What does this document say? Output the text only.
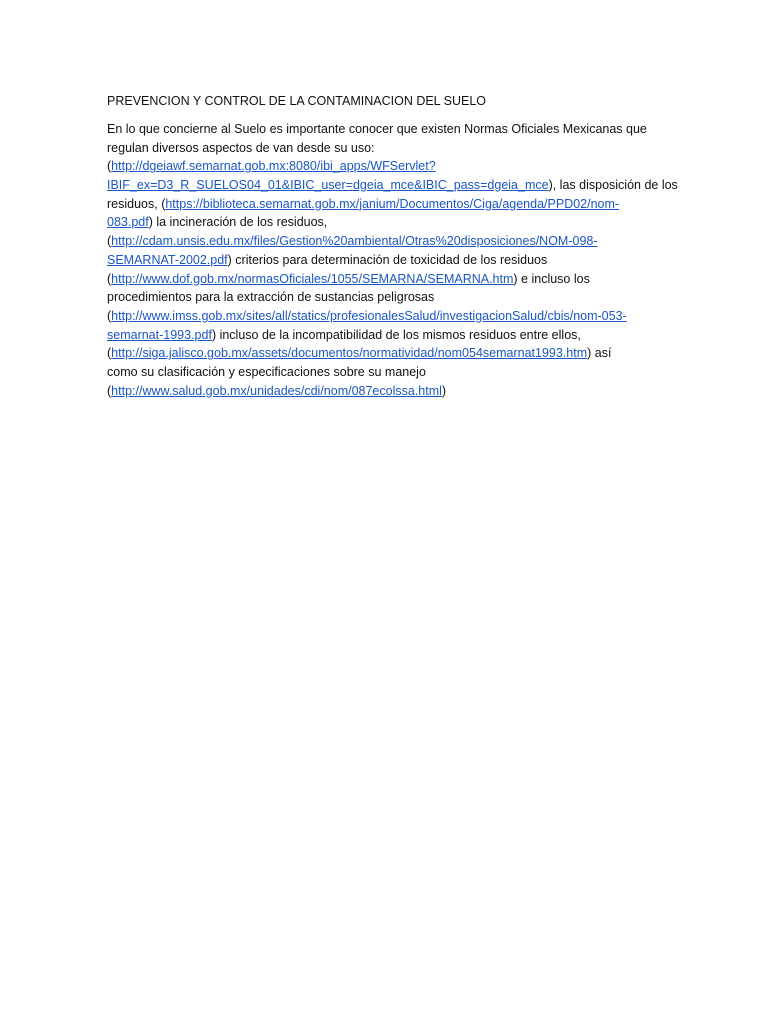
PREVENCION Y CONTROL DE LA CONTAMINACION DEL SUELO
En lo que concierne al Suelo es importante conocer que existen Normas Oficiales Mexicanas que
regulan diversos aspectos de van desde su uso:
(http://dgeiawf.semarnat.gob.mx:8080/ibi_apps/WFServlet?
IBIF_ex=D3_R_SUELOS04_01&IBIC_user=dgeia_mce&IBIC_pass=dgeia_mce), las disposición de los
residuos, (https://biblioteca.semarnat.gob.mx/janium/Documentos/Ciga/agenda/PPD02/nom-
083.pdf) la incineración de los residuos,
(http://cdam.unsis.edu.mx/files/Gestion%20ambiental/Otras%20disposiciones/NOM-098-
SEMARNAT-2002.pdf) criterios para determinación de toxicidad de los residuos
(http://www.dof.gob.mx/normasOficiales/1055/SEMARNA/SEMARNA.htm) e incluso los
procedimientos para la extracción de sustancias peligrosas
(http://www.imss.gob.mx/sites/all/statics/profesionalesSalud/investigacionSalud/cbis/nom-053-
semarnat-1993.pdf) incluso de la incompatibilidad de los mismos residuos entre ellos,
(http://siga.jalisco.gob.mx/assets/documentos/normatividad/nom054semarnat1993.htm) así
como su clasificación y especificaciones sobre su manejo
(http://www.salud.gob.mx/unidades/cdi/nom/087ecolssa.html)
